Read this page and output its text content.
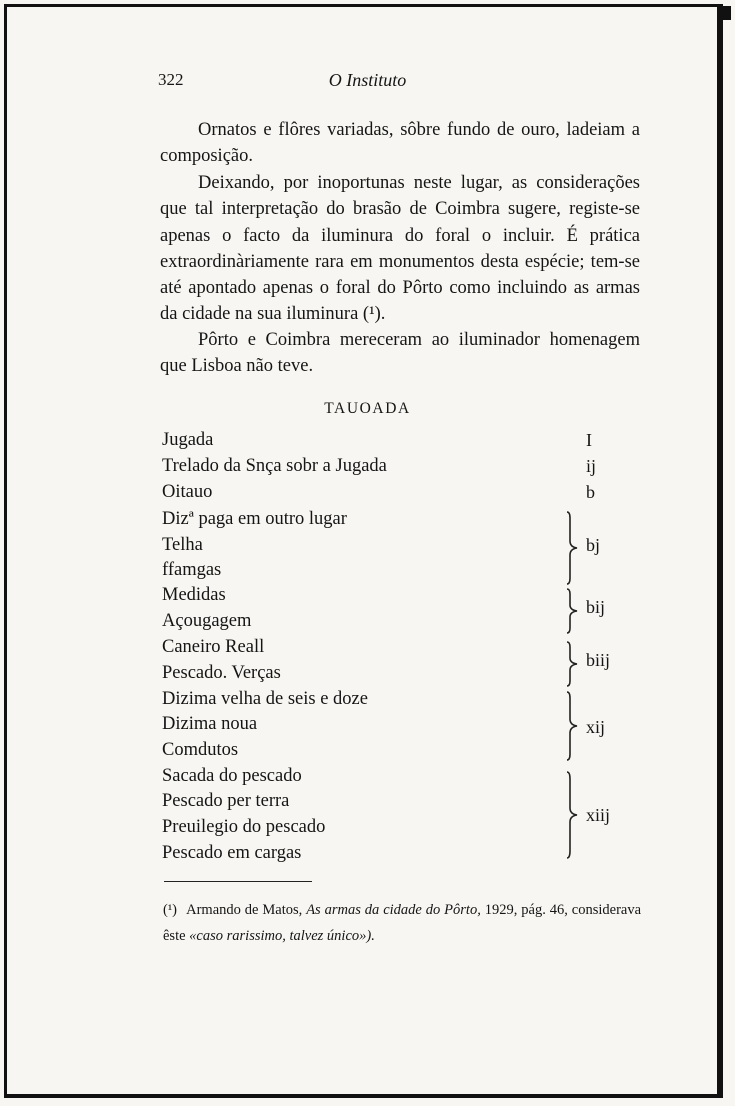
322	O Instituto

Ornatos e flôres variadas, sôbre fundo de ouro, ladeiam a composição.

Deixando, por inoportunas neste lugar, as considerações que tal interpretação do brasão de Coimbra sugere, registe-se apenas o facto da iluminura do foral o incluir. É prática extraordinàriamente rara em monumentos desta espécie; tem-se até apontado apenas o foral do Pôrto como incluindo as armas da cidade na sua iluminura (¹).

Pôrto e Coimbra mereceram ao iluminador homenagem que Lisboa não teve.

TAUOADA
Jugada
Trelado da Snça sobr a Jugada
Oitauo
Dizª paga em outro lugar
Telha
ffamgas
Medidas
Açougagem
Caneiro Reall
Pescado. Verças
Dizima velha de seis e doze
Dizima noua
Comdutos
Sacada do pescado
Pescado per terra
Preuilegio do pescado
Pescado em cargas
I
ij
b
bj
bij
biij
xij
xiij

(¹) Armando de Matos, As armas da cidade do Pôrto, 1929, pág. 46, considerava êste «caso rarissimo, talvez único»).
